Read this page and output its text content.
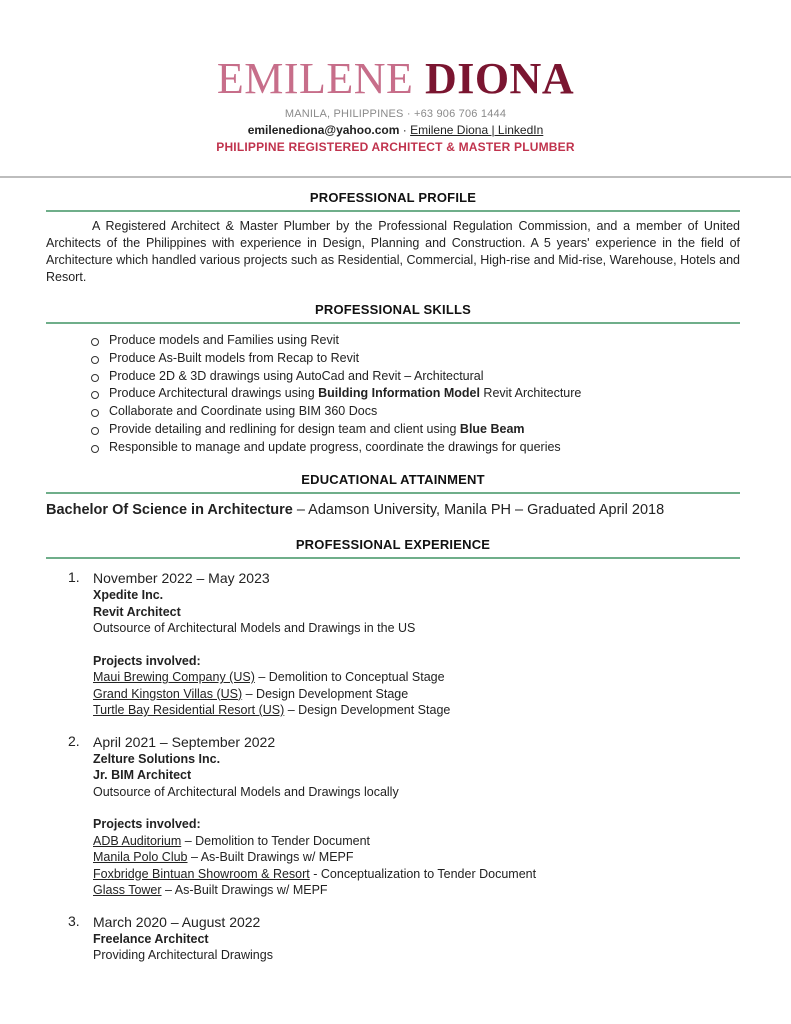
EMILENE DIONA
MANILA, PHILIPPINES · +63 906 706 1444
emilenediona@yahoo.com · Emilene Diona | LinkedIn
PHILIPPINE REGISTERED ARCHITECT & MASTER PLUMBER
PROFESSIONAL PROFILE
A Registered Architect & Master Plumber by the Professional Regulation Commission, and a member of United Architects of the Philippines with experience in Design, Planning and Construction. A 5 years' experience in the field of Architecture which handled various projects such as Residential, Commercial, High-rise and Mid-rise, Warehouse, Hotels and Resort.
PROFESSIONAL SKILLS
Produce models and Families using Revit
Produce As-Built models from Recap to Revit
Produce 2D & 3D drawings using AutoCad and Revit – Architectural
Produce Architectural drawings using Building Information Model Revit Architecture
Collaborate and Coordinate using BIM 360 Docs
Provide detailing and redlining for design team and client using Blue Beam
Responsible to manage and update progress, coordinate the drawings for queries
EDUCATIONAL ATTAINMENT
Bachelor Of Science in Architecture – Adamson University, Manila PH – Graduated April 2018
PROFESSIONAL EXPERIENCE
1. November 2022 – May 2023
Xpedite Inc.
Revit Architect
Outsource of Architectural Models and Drawings in the US
Projects involved:
Maui Brewing Company (US) – Demolition to Conceptual Stage
Grand Kingston Villas (US) – Design Development Stage
Turtle Bay Residential Resort (US) – Design Development Stage
2. April 2021 – September 2022
Zelture Solutions Inc.
Jr. BIM Architect
Outsource of Architectural Models and Drawings locally
Projects involved:
ADB Auditorium – Demolition to Tender Document
Manila Polo Club – As-Built Drawings w/ MEPF
Foxbridge Bintuan Showroom & Resort - Conceptualization to Tender Document
Glass Tower – As-Built Drawings w/ MEPF
3. March 2020 – August 2022
Freelance Architect
Providing Architectural Drawings
